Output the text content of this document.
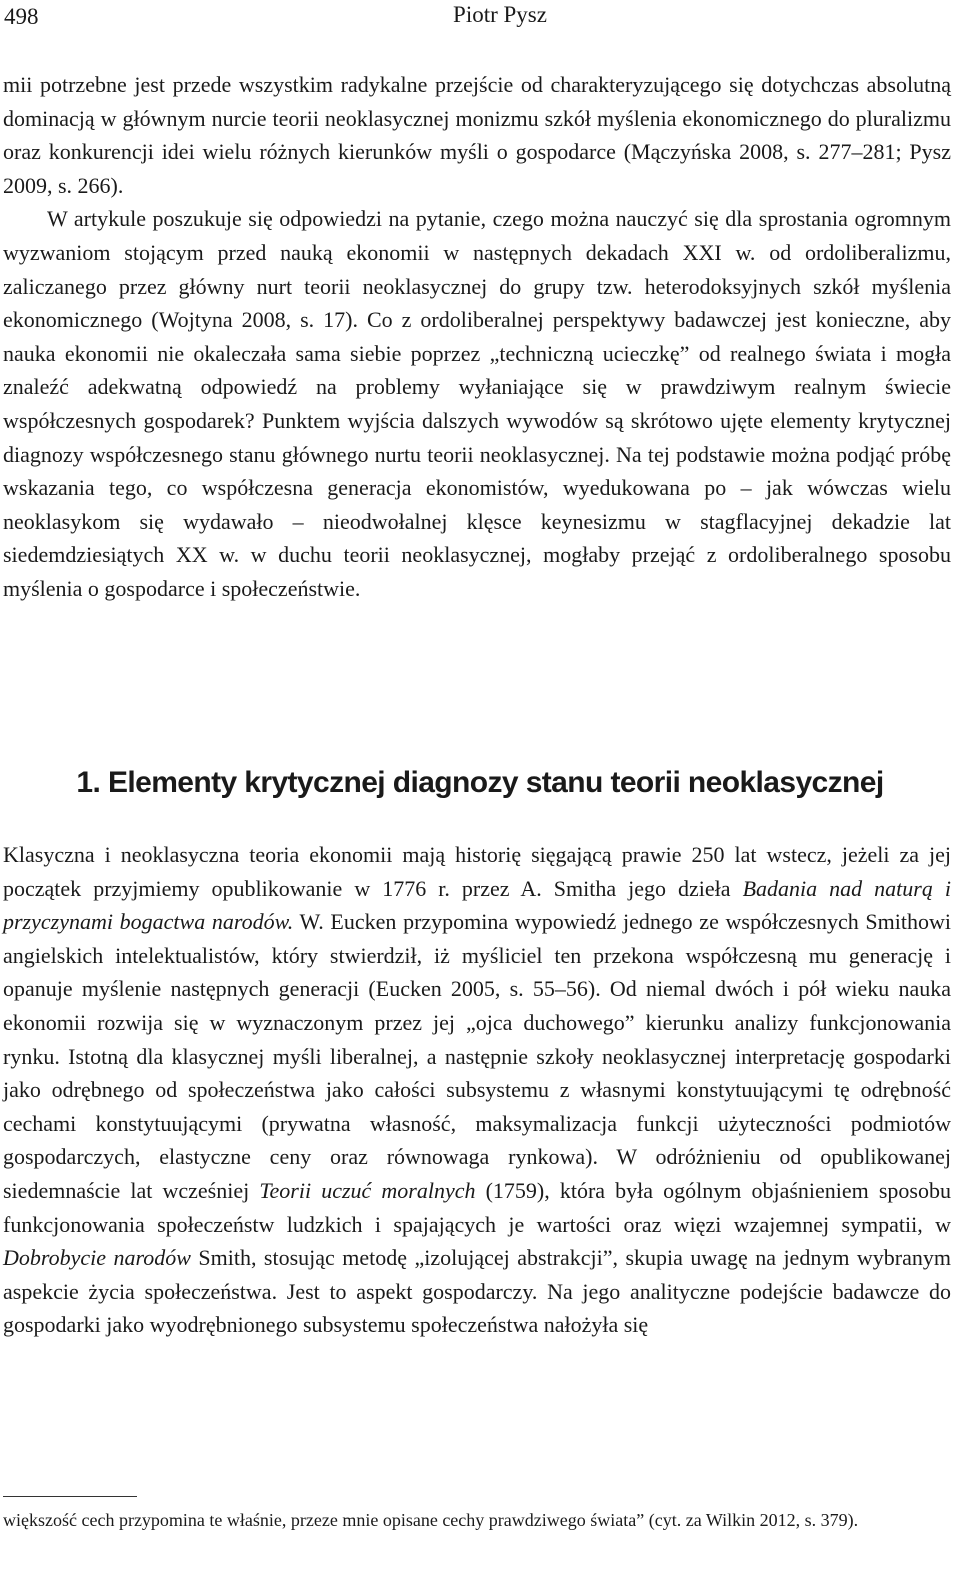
498	Piotr Pysz

mii potrzebne jest przede wszystkim radykalne przejście od charakteryzującego się dotychczas absolutną dominacją w głównym nurcie teorii neoklasycznej monizmu szkół myślenia ekonomicznego do pluralizmu oraz konkurencji idei wielu różnych kierunków myśli o gospodarce (Mączyńska 2008, s. 277–281; Pysz 2009, s. 266).

W artykule poszukuje się odpowiedzi na pytanie, czego można nauczyć się dla sprostania ogromnym wyzwaniom stojącym przed nauką ekonomii w następnych dekadach XXI w. od ordoliberalizmu, zaliczanego przez główny nurt teorii neoklasycznej do grupy tzw. heterodoksyjnych szkół myślenia ekonomicznego (Wojtyna 2008, s. 17). Co z ordoliberalnej perspektywy badawczej jest konieczne, aby nauka ekonomii nie okaleczała sama siebie poprzez „techniczną ucieczkę” od realnego świata i mogła znaleźć adekwatną odpowiedź na problemy wyłaniające się w prawdziwym realnym świecie współczesnych gospodarek? Punktem wyjścia dalszych wywodów są skrótowo ujęte elementy krytycznej diagnozy współczesnego stanu głównego nurtu teorii neoklasycznej. Na tej podstawie można podjąć próbę wskazania tego, co współczesna generacja ekonomistów, wyedukowana po – jak wówczas wielu neoklasykom się wydawało – nieodwołalnej klęsce keynesizmu w stagflacyjnej dekadzie lat siedemdziesiątych XX w. w duchu teorii neoklasycznej, mogłaby przejąć z ordoliberalnego sposobu myślenia o gospodarce i społeczeństwie.

1. Elementy krytycznej diagnozy stanu teorii neoklasycznej

Klasyczna i neoklasyczna teoria ekonomii mają historię sięgającą prawie 250 lat wstecz, jeżeli za jej początek przyjmiemy opublikowanie w 1776 r. przez A. Smitha jego dzieła Badania nad naturą i przyczynami bogactwa narodów. W. Eucken przypomina wypowiedź jednego ze współczesnych Smithowi angielskich intelektualistów, który stwierdził, iż myśliciel ten przekona współczesną mu generację i opanuje myślenie następnych generacji (Eucken 2005, s. 55–56). Od niemal dwóch i pół wieku nauka ekonomii rozwija się w wyznaczonym przez jej „ojca duchowego” kierunku analizy funkcjonowania rynku. Istotną dla klasycznej myśli liberalnej, a następnie szkoły neoklasycznej interpretację gospodarki jako odrębnego od społeczeństwa jako całości subsystemu z własnymi konstytuującymi tę odrębność cechami konstytuującymi (prywatna własność, maksymalizacja funkcji użyteczności podmiotów gospodarczych, elastyczne ceny oraz równowaga rynkowa). W odróżnieniu od opublikowanej siedemnaście lat wcześniej Teorii uczuć moralnych (1759), która była ogólnym objaśnieniem sposobu funkcjonowania społeczeństw ludzkich i spajających je wartości oraz więzi wzajemnej sympatii, w Dobrobycie narodów Smith, stosując metodę „izolującej abstrakcji”, skupia uwagę na jednym wybranym aspekcie życia społeczeństwa. Jest to aspekt gospodarczy. Na jego analityczne podejście badawcze do gospodarki jako wyodrębnionego subsystemu społeczeństwa nałożyła się

większość cech przypomina te właśnie, przeze mnie opisane cechy prawdziwego świata” (cyt. za Wilkin 2012, s. 379).
